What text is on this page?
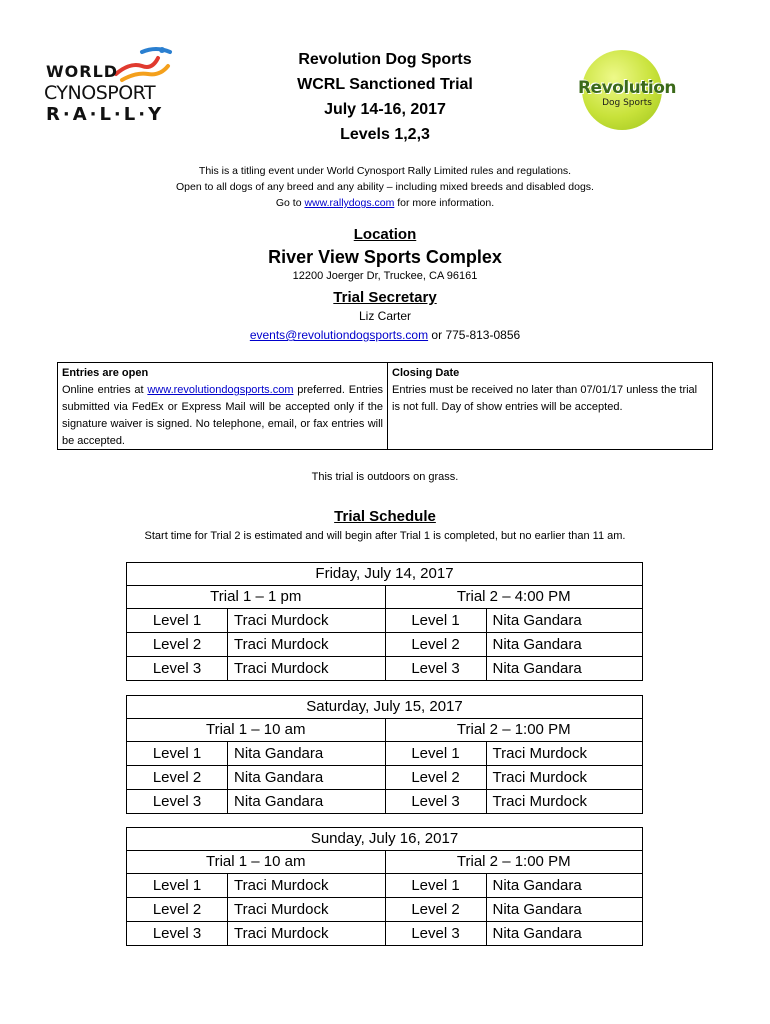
WORLD
CYNOSPORT
R·A·L·L·Y
Revolution
Dog Sports
Revolution Dog Sports
WCRL Sanctioned Trial
July 14-16, 2017
Levels 1,2,3
This is a titling event under World Cynosport Rally Limited rules and regulations.
Open to all dogs of any breed and any ability – including mixed breeds and disabled dogs.
Go to www.rallydogs.com for more information.
Location
River View Sports Complex
12200 Joerger Dr, Truckee, CA 96161
Trial Secretary
Liz Carter
events@revolutiondogsports.com or 775-813-0856
Entries are open
Online entries at www.revolutiondogsports.com preferred. Entries submitted via FedEx or Express Mail will be accepted only if the signature waiver is signed. No telephone, email, or fax entries will be accepted.
Closing Date
Entries must be received no later than 07/01/17 unless the trial is not full. Day of show entries will be accepted.
This trial is outdoors on grass.
Trial Schedule
Start time for Trial 2 is estimated and will begin after Trial 1 is completed, but no earlier than 11 am.
Friday, July 14, 2017
Trial 1 – 1 pm
Level 1	Traci Murdock
Level 2	Traci Murdock
Level 3	Traci Murdock
Trial 2 – 4:00 PM
Level 1	Nita Gandara
Level 2	Nita Gandara
Level 3	Nita Gandara
Saturday, July 15, 2017
Trial 1 – 10 am
Level 1	Nita Gandara
Level 2	Nita Gandara
Level 3	Nita Gandara
Trial 2 – 1:00 PM
Level 1	Traci Murdock
Level 2	Traci Murdock
Level 3	Traci Murdock
Sunday, July 16, 2017
Trial 1 – 10 am
Level 1	Traci Murdock
Level 2	Traci Murdock
Level 3	Traci Murdock
Trial 2 – 1:00 PM
Level 1	Nita Gandara
Level 2	Nita Gandara
Level 3	Nita Gandara
